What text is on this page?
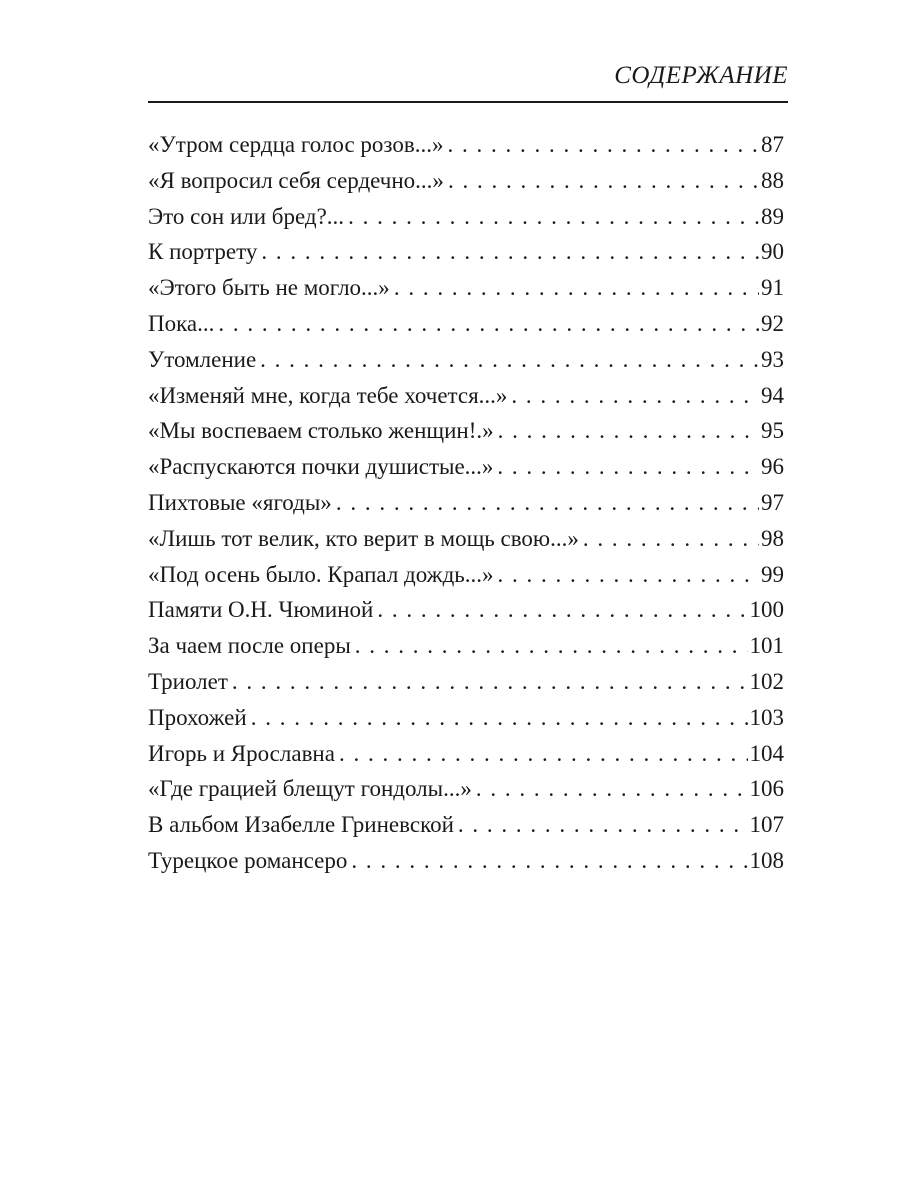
СОДЕРЖАНИЕ
«Утром сердца голос розов...» . . .	87
«Я вопросил себя сердечно...» . . .	88
Это сон или бред?... . . .	89
К портрету . . .	90
«Этого быть не могло...» . . .	91
Пока... . . .	92
Утомление . . .	93
«Изменяй мне, когда тебе хочется...» . . .	94
«Мы воспеваем столько женщин!.» . . .	95
«Распускаются почки душистые...» . . .	96
Пихтовые «ягоды» . . .	97
«Лишь тот велик, кто верит в мощь свою...» . . .	98
«Под осень было. Крапал дождь...» . . .	99
Памяти О.Н. Чюминой . . .	100
За чаем после оперы . . .	101
Триолет . . .	102
Прохожей . . .	103
Игорь и Ярославна . . .	104
«Где грацией блещут гондолы...» . . .	106
В альбом Изабелле Гриневской . . .	107
Турецкое романсеро . . .	108
